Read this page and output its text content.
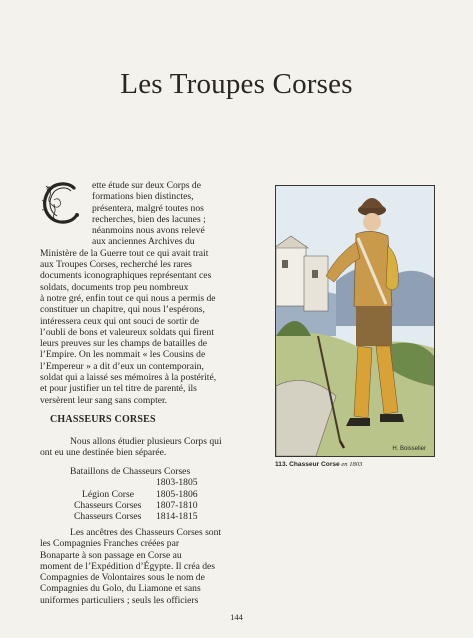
Les Troupes Corses
ette étude sur deux Corps de
formations bien distinctes,
présentera, malgré toutes nos
recherches, bien des lacunes ;
néanmoins nous avons relevé
aux anciennes Archives du
Ministère de la Guerre tout ce qui avait trait
aux Troupes Corses, recherché les rares
documents iconographiques représentant ces
soldats, documents trop peu nombreux
à notre gré, enfin tout ce qui nous a permis de
constituer un chapitre, qui nous l’espérons,
intéressera ceux qui ont souci de sortir de
l’oubli de bons et valeureux soldats qui firent
leurs preuves sur les champs de batailles de
l’Empire. On les nommait « les Cousins de
l’Empereur » a dit d’eux un contemporain,
soldat qui a laissé ses mémoires à la postérité,
et pour justifier un tel titre de parenté, ils
versèrent leur sang sans compter.
CHASSEURS CORSES
Nous allons étudier plusieurs Corps qui
ont eu une destinée bien séparée.
Bataillons de Chasseurs Corses
1803-1805
Légion Corse 1805-1806
Chasseurs Corses 1807-1810
Chasseurs Corses 1814-1815
Les ancêtres des Chasseurs Corses sont
les Compagnies Franches créées par
Bonaparte à son passage en Corse au
moment de l’Expédition d’Égypte. Il créa des
Compagnies de Volontaires sous le nom de
Compagnies du Golo, du Liamone et sans
uniformes particuliers ; seuls les officiers
H. Boisselier
113. Chasseur Corse en 1803
144
